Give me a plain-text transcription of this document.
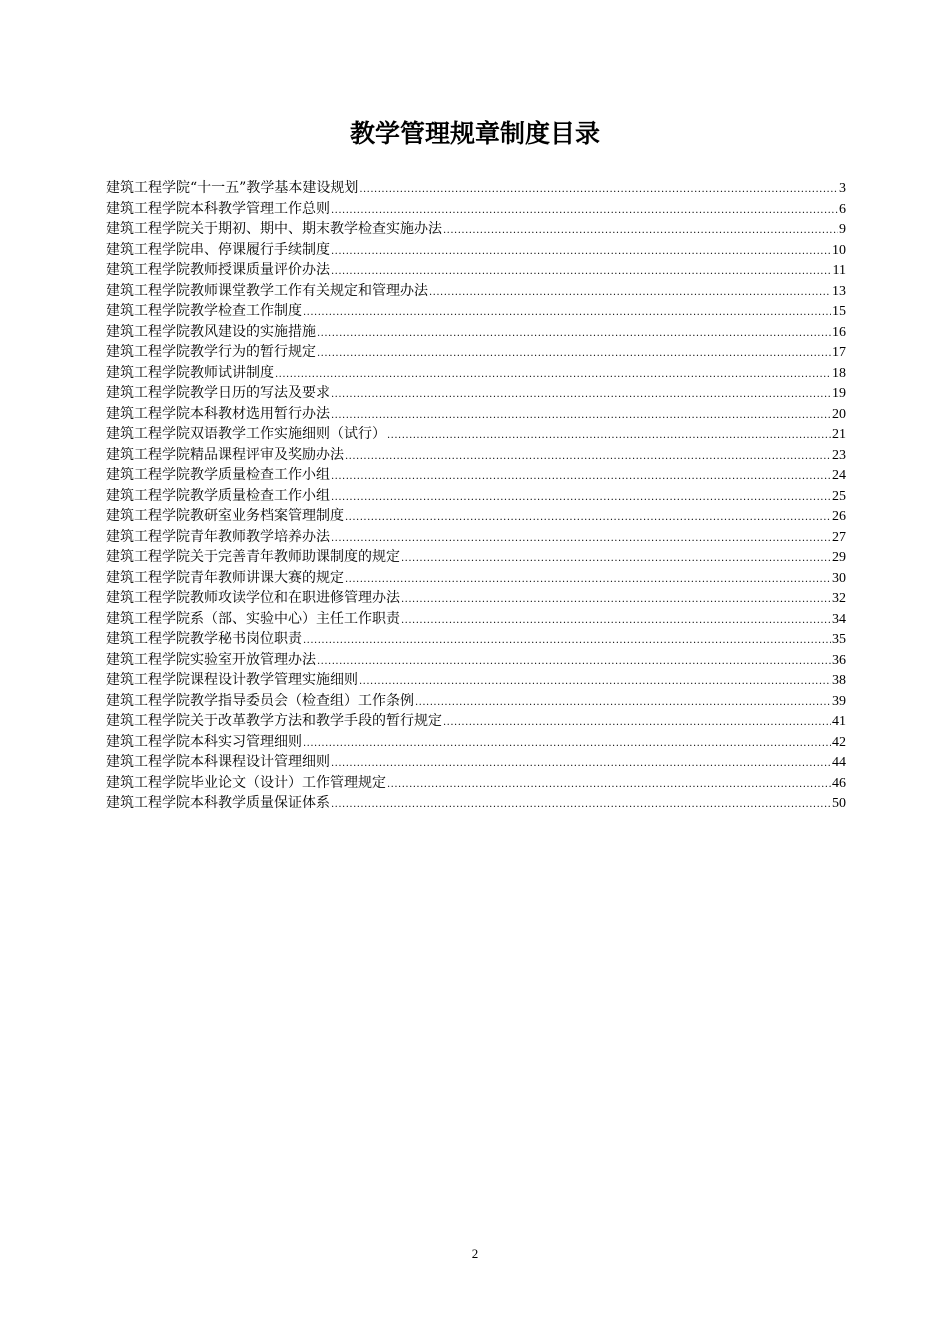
教学管理规章制度目录
建筑工程学院“十一五”教学基本建设规划 .....	3
建筑工程学院本科教学管理工作总则 .....	6
建筑工程学院关于期初、期中、期末教学检查实施办法 .....	9
建筑工程学院串、停课履行手续制度 .....	10
建筑工程学院教师授课质量评价办法 .....	11
建筑工程学院教师课堂教学工作有关规定和管理办法 .....	13
建筑工程学院教学检查工作制度 .....	15
建筑工程学院教风建设的实施措施 .....	16
建筑工程学院教学行为的暂行规定 .....	17
建筑工程学院教师试讲制度 .....	18
建筑工程学院教学日历的写法及要求 .....	19
建筑工程学院本科教材选用暂行办法 .....	20
建筑工程学院双语教学工作实施细则（试行） .....	21
建筑工程学院精品课程评审及奖励办法 .....	23
建筑工程学院教学质量检查工作小组 .....	24
建筑工程学院教学质量检查工作小组 .....	25
建筑工程学院教研室业务档案管理制度 .....	26
建筑工程学院青年教师教学培养办法 .....	27
建筑工程学院关于完善青年教师助课制度的规定 .....	29
建筑工程学院青年教师讲课大赛的规定 .....	30
建筑工程学院教师攻读学位和在职进修管理办法 .....	32
建筑工程学院系（部、实验中心）主任工作职责 .....	34
建筑工程学院教学秘书岗位职责 .....	35
建筑工程学院实验室开放管理办法 .....	36
建筑工程学院课程设计教学管理实施细则 .....	38
建筑工程学院教学指导委员会（检查组）工作条例 .....	39
建筑工程学院关于改革教学方法和教学手段的暂行规定 .....	41
建筑工程学院本科实习管理细则 .....	42
建筑工程学院本科课程设计管理细则 .....	44
建筑工程学院毕业论文（设计）工作管理规定 .....	46
建筑工程学院本科教学质量保证体系 .....	50
2
